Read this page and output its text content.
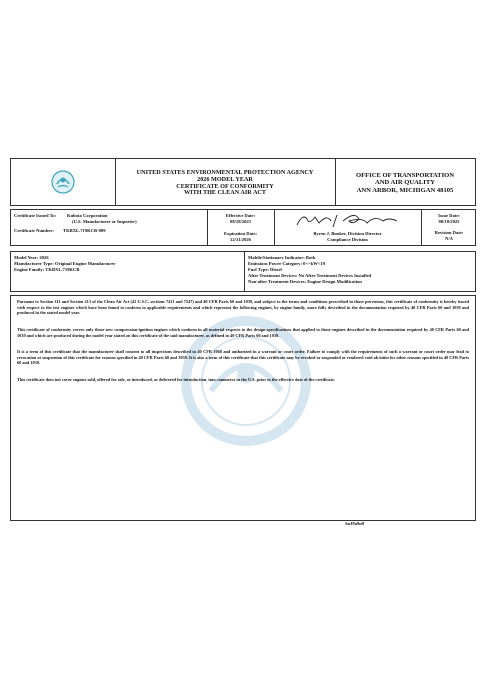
UNITED STATES ENVIRONMENTAL PROTECTION AGENCY
2026 MODEL YEAR
CERTIFICATE OF CONFORMITY
WITH THE CLEAN AIR ACT
OFFICE OF TRANSPORTATION
AND AIR QUALITY
ANN ARBOR, MICHIGAN 48105
Certificate Issued To: Kubota Corporation
(U.S. Manufacturer or Importer)
Certificate Number: TKBXL.719KCB-009
Effective Date:
08/18/2025
Expiration Date:
12/31/2026
Byron J. Bunker, Division Director
Compliance Division
Issue Date:
08/18/2025
Revision Date:
N/A
Model Year: 2026
Manufacturer Type: Original Engine Manufacturer
Engine Family: TKBXL.719KCB
Mobile/Stationary Indicator: Both
Emissions Power Category: 0<=kW<19
Fuel Type: Diesel
After Treatment Devices: No After Treatment Devices Installed
Non-after Treatment Devices: Engine Design Modification
Pursuant to Section 111 and Section 213 of the Clean Air Act (42 U.S.C. sections 7411 and 7547) and 40 CFR Parts 60 and 1039, and subject to the terms and conditions prescribed in those provisions, this certificate of conformity is hereby issued with respect to the test engines which have been found to conform to applicable requirements and which represent the following engines, by engine family, more fully described in the documentation required by 40 CFR Parts 60 and 1039 and produced in the stated model year.
This certificate of conformity covers only those new compression-ignition engines which conform in all material respects to the design specifications that applied to those engines described in the documentation required by 40 CFR Parts 60 and 1039 and which are produced during the model year stated on this certificate of the said manufacturer, as defined in 40 CFR Parts 60 and 1039.
It is a term of this certificate that the manufacturer shall consent to all inspections described in 40 CFR 1068 and authorized in a warrant or court order. Failure to comply with the requirements of such a warrant or court order may lead to revocation or suspension of this certificate for reasons specified in 40 CFR Parts 60 and 1039. It is also a term of this certificate that this certificate may be revoked or suspended or rendered void ab initio for other reasons specified in 40 CFR Parts 60 and 1039.
This certificate does not cover engines sold, offered for sale, or introduced, or delivered for introduction, into commerce in the U.S. prior to the effective date of the certificate.
SnJ8a9u8
